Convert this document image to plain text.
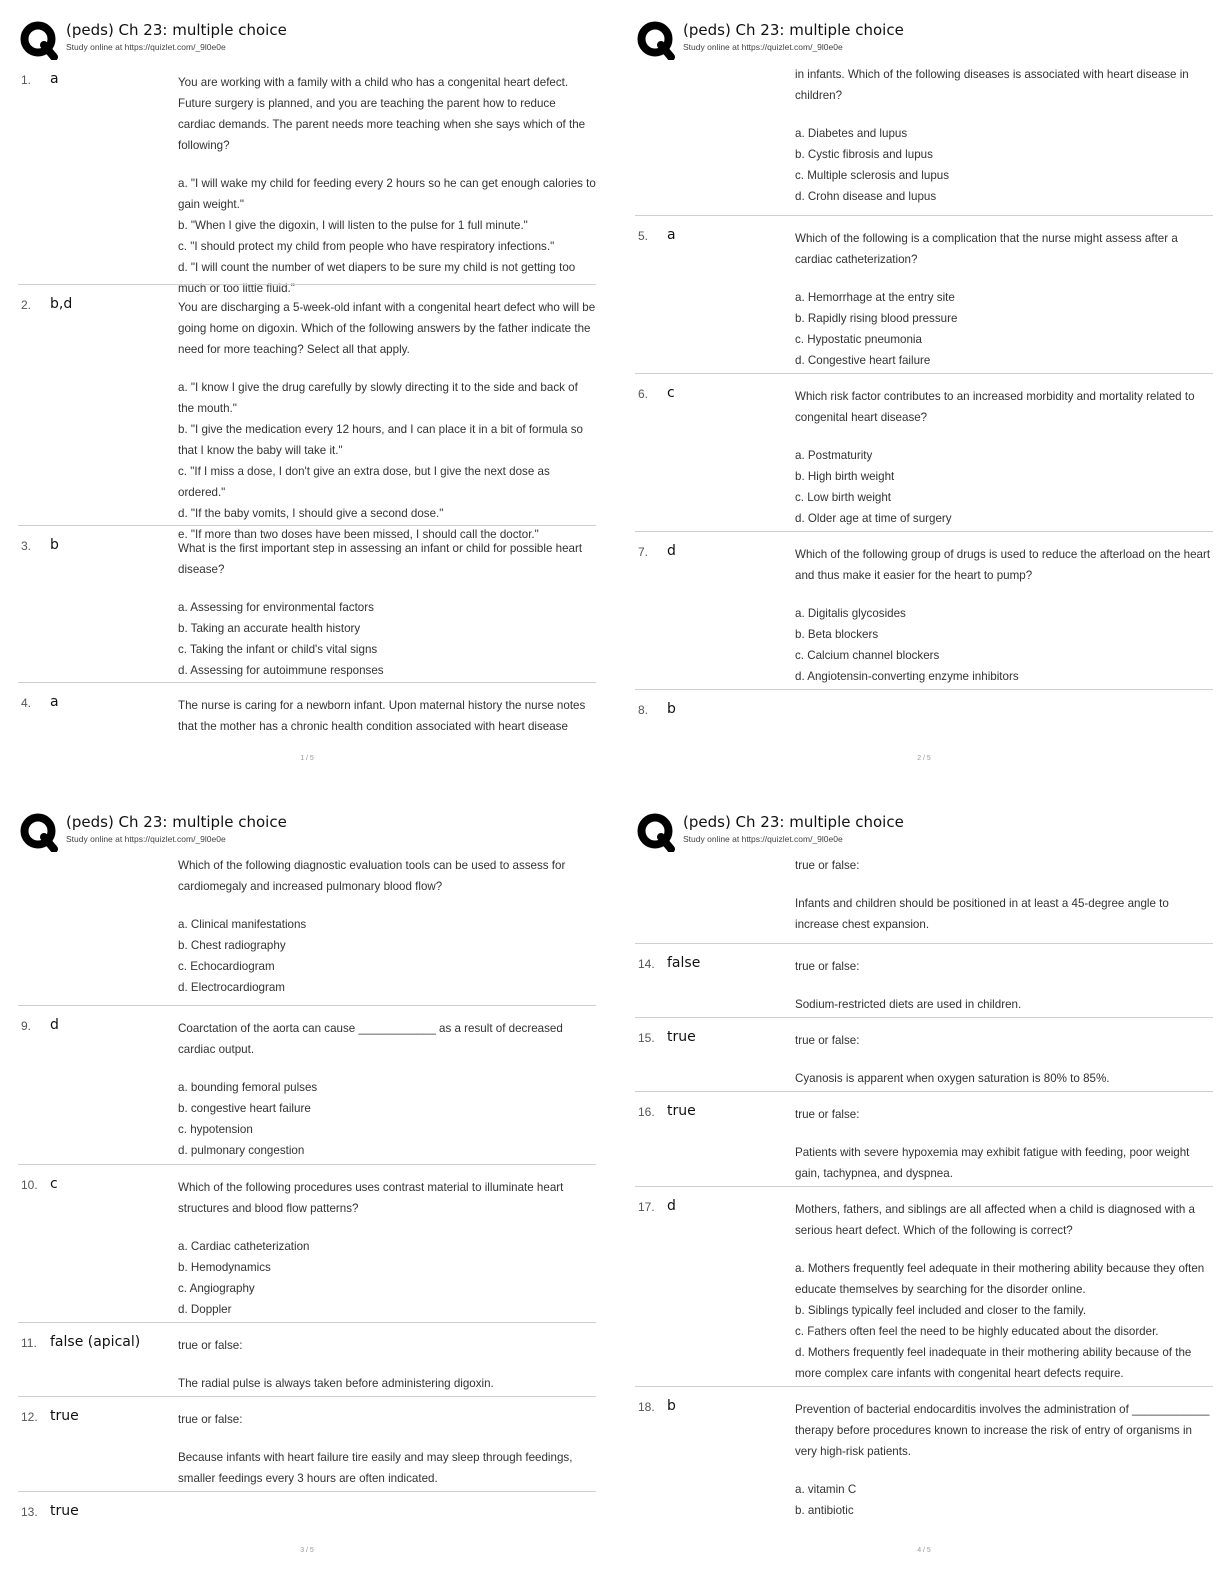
(peds) Ch 23: multiple choice
Study online at https://quizlet.com/_9l0e0e
1. a	You are working with a family with a child who has a congenital heart defect. Future surgery is planned, and you are teaching the parent how to reduce cardiac demands. The parent needs more teaching when she says which of the following?

a. "I will wake my child for feeding every 2 hours so he can get enough calories to gain weight."

b. "When I give the digoxin, I will listen to the pulse for 1 full minute."

c. "I should protect my child from people who have respiratory infections."

d. "I will count the number of wet diapers to be sure my child is not getting too much or too little fluid."

2. b,d	You are discharging a 5-week-old infant with a congenital heart defect who will be going home on digoxin. Which of the following answers by the father indicate the need for more teaching? Select all that apply.

a. "I know I give the drug carefully by slowly directing it to the side and back of the mouth."

b. "I give the medication every 12 hours, and I can place it in a bit of formula so that I know the baby will take it."

c. "If I miss a dose, I don't give an extra dose, but I give the next dose as ordered."

d. "If the baby vomits, I should give a second dose."

e. "If more than two doses have been missed, I should call the doctor."

3. b	What is the first important step in assessing an infant or child for possible heart disease?

a. Assessing for environmental factors

b. Taking an accurate health history

c. Taking the infant or child's vital signs

d. Assessing for autoimmune responses

4. a	The nurse is caring for a newborn infant. Upon maternal history the nurse notes that the mother has a chronic health condition associated with heart disease

1 / 5
(peds) Ch 23: multiple choice
Study online at https://quizlet.com/_9l0e0e
in infants. Which of the following diseases is associated with heart disease in children?
a. Diabetes and lupus
b. Cystic fibrosis and lupus
c. Multiple sclerosis and lupus
d. Crohn disease and lupus
5. a	Which of the following is a complication that the nurse might assess after a cardiac catheterization?

a. Hemorrhage at the entry site

b. Rapidly rising blood pressure

c. Hypostatic pneumonia

d. Congestive heart failure

6. c	Which risk factor contributes to an increased morbidity and mortality related to congenital heart disease?

a. Postmaturity

b. High birth weight

c. Low birth weight

d. Older age at time of surgery

7. d	Which of the following group of drugs is used to reduce the afterload on the heart and thus make it easier for the heart to pump?

a. Digitalis glycosides

b. Beta blockers

c. Calcium channel blockers

d. Angiotensin-converting enzyme inhibitors

8. b
2 / 5
(peds) Ch 23: multiple choice
Study online at https://quizlet.com/_9l0e0e
Which of the following diagnostic evaluation tools can be used to assess for cardiomegaly and increased pulmonary blood flow?
a. Clinical manifestations
b. Chest radiography
c. Echocardiogram
d. Electrocardiogram
9. d	Coarctation of the aorta can cause ____________ as a result of decreased cardiac output.

a. bounding femoral pulses

b. congestive heart failure

c. hypotension

d. pulmonary congestion

10. c	Which of the following procedures uses contrast material to illuminate heart structures and blood flow patterns?

a. Cardiac catheterization

b. Hemodynamics

c. Angiography

d. Doppler

11. false (apical)	true or false:

The radial pulse is always taken before administering digoxin.

12. true	true or false:

Because infants with heart failure tire easily and may sleep through feedings, smaller feedings every 3 hours are often indicated.

13. true
3 / 5
(peds) Ch 23: multiple choice
Study online at https://quizlet.com/_9l0e0e
true or false:
Infants and children should be positioned in at least a 45-degree angle to increase chest expansion.
14. false	true or false:

Sodium-restricted diets are used in children.

15. true	true or false:

Cyanosis is apparent when oxygen saturation is 80% to 85%.

16. true	true or false:

Patients with severe hypoxemia may exhibit fatigue with feeding, poor weight gain, tachypnea, and dyspnea.

17. d	Mothers, fathers, and siblings are all affected when a child is diagnosed with a serious heart defect. Which of the following is correct?

a. Mothers frequently feel adequate in their mothering ability because they often educate themselves by searching for the disorder online.

b. Siblings typically feel included and closer to the family.

c. Fathers often feel the need to be highly educated about the disorder.

d. Mothers frequently feel inadequate in their mothering ability because of the more complex care infants with congenital heart defects require.

18. b	Prevention of bacterial endocarditis involves the administration of ____________ therapy before procedures known to increase the risk of entry of organisms in very high-risk patients.

a. vitamin C

b. antibiotic

4 / 5
